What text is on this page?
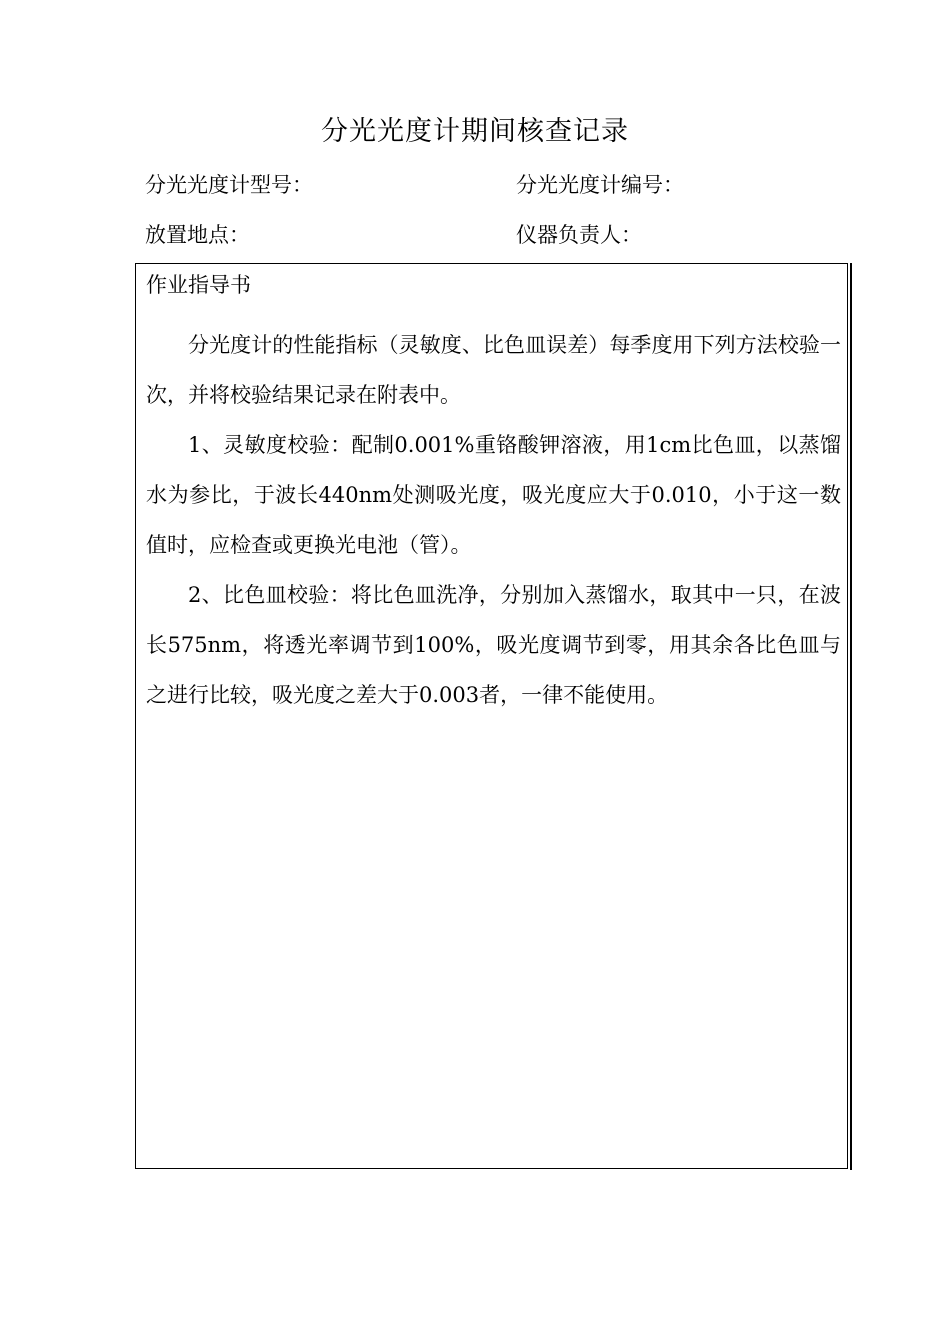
分光光度计期间核查记录
分光光度计型号：	分光光度计编号：
放置地点：	仪器负责人：
作业指导书

分光度计的性能指标（灵敏度、比色皿误差）每季度用下列方法校验一次，并将校验结果记录在附表中。

1、灵敏度校验：配制0.001%重铬酸钾溶液，用1cm比色皿，以蒸馏水为参比，于波长440nm处测吸光度，吸光度应大于0.010，小于这一数值时，应检查或更换光电池（管）。

2、比色皿校验：将比色皿洗净，分别加入蒸馏水，取其中一只，在波长575nm，将透光率调节到100%，吸光度调节到零，用其余各比色皿与之进行比较，吸光度之差大于0.003者，一律不能使用。
